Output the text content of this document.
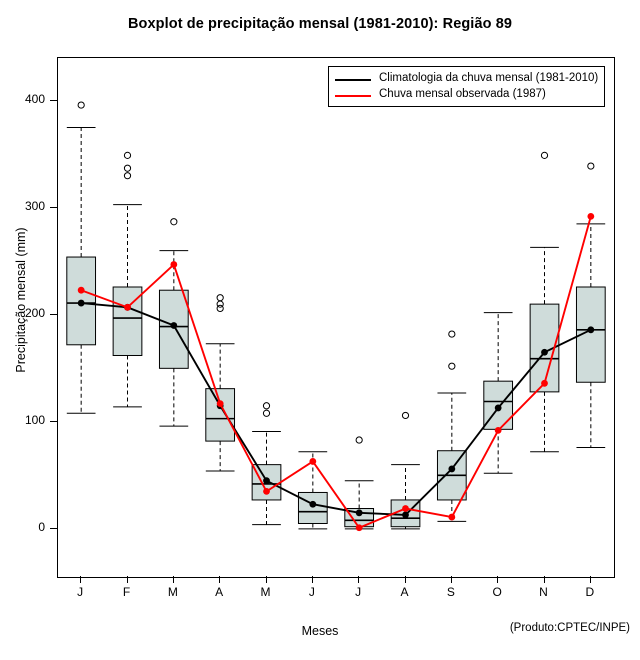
Boxplot de precipitação mensal (1981-2010): Região 89
Precipitação mensal (mm)
Meses	(Produto:CPTEC/INPE)
0
100
200
300
400
J	F	M	A	M	J	J	A	S	O	N	D
Climatologia da chuva mensal (1981-2010)
Chuva mensal observada (1987)
